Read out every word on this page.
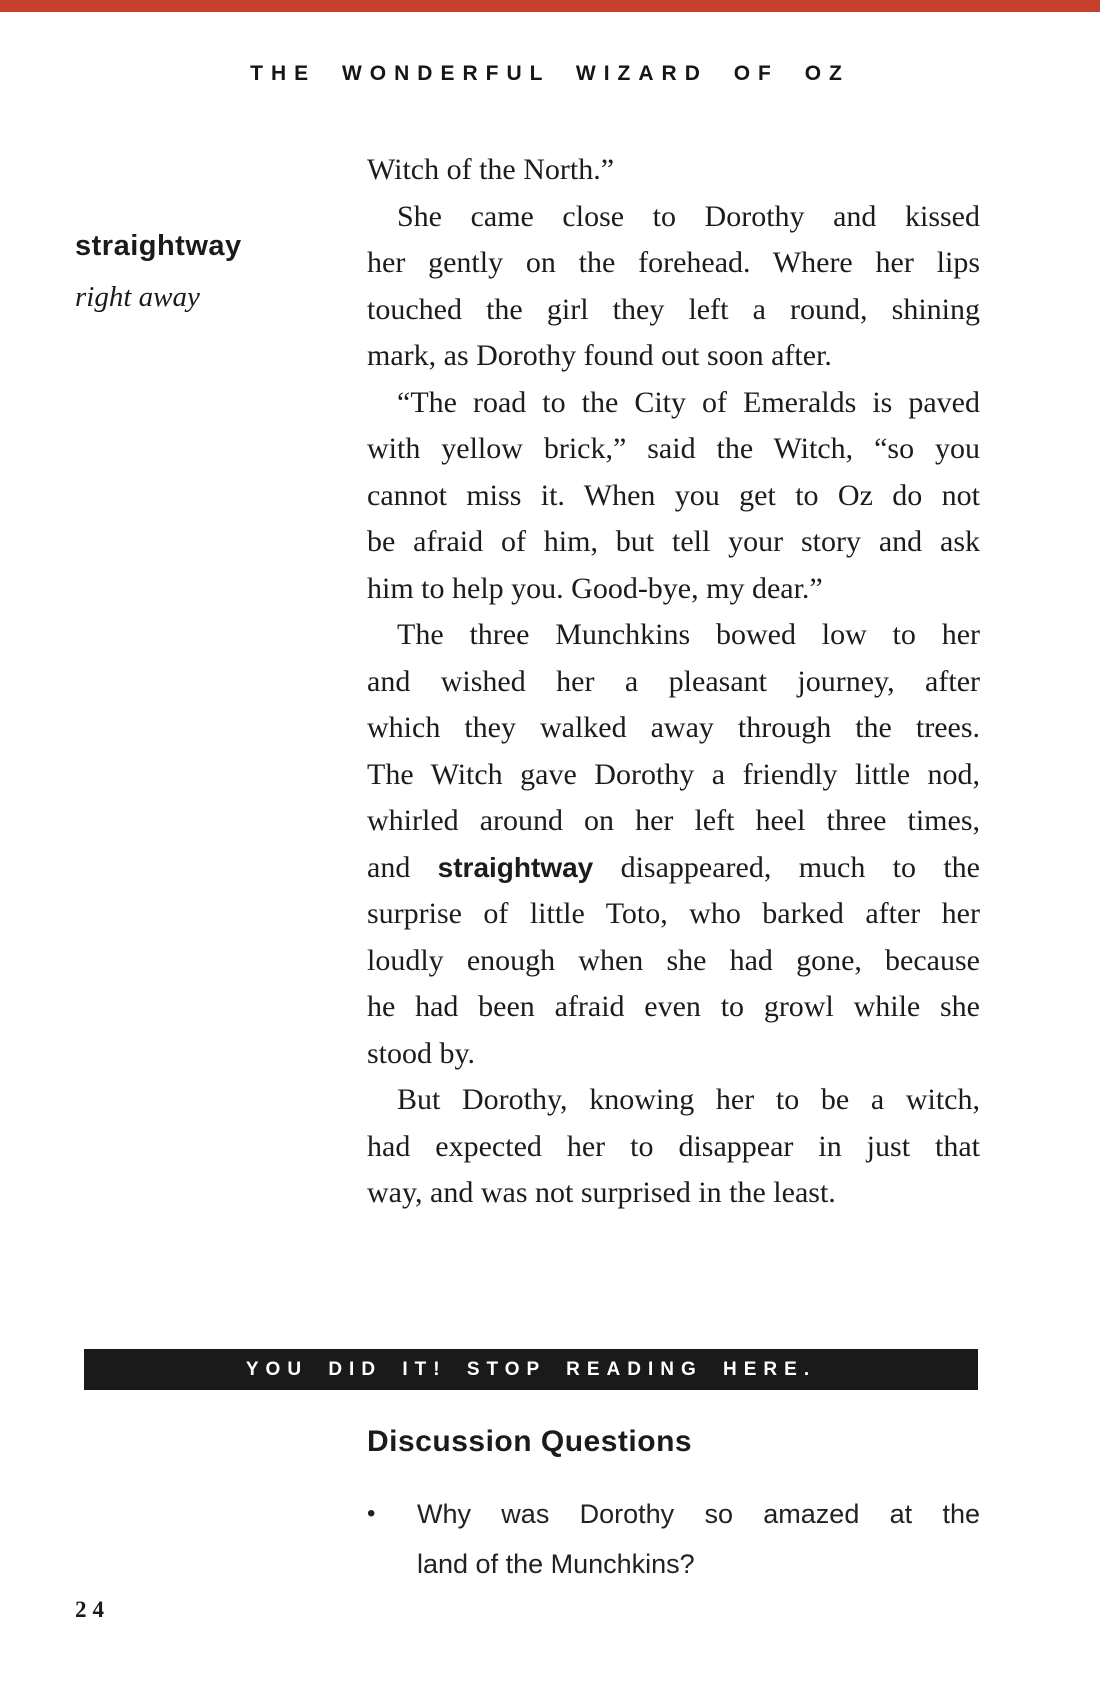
THE WONDERFUL WIZARD OF OZ
straightway
right away
Witch of the North.”
She came close to Dorothy and kissed
her gently on the forehead. Where her lips
touched the girl they left a round, shining
mark, as Dorothy found out soon after.
“The road to the City of Emeralds is paved
with yellow brick,” said the Witch, “so you
cannot miss it. When you get to Oz do not
be afraid of him, but tell your story and ask
him to help you. Good-bye, my dear.”
The three Munchkins bowed low to her
and wished her a pleasant journey, after
which they walked away through the trees.
The Witch gave Dorothy a friendly little nod,
whirled around on her left heel three times,
and straightway disappeared, much to the
surprise of little Toto, who barked after her
loudly enough when she had gone, because
he had been afraid even to growl while she
stood by.
But Dorothy, knowing her to be a witch,
had expected her to disappear in just that
way, and was not surprised in the least.
YOU DID IT! STOP READING HERE.
Discussion Questions
•	Why was Dorothy so amazed at the
land of the Munchkins?
24
